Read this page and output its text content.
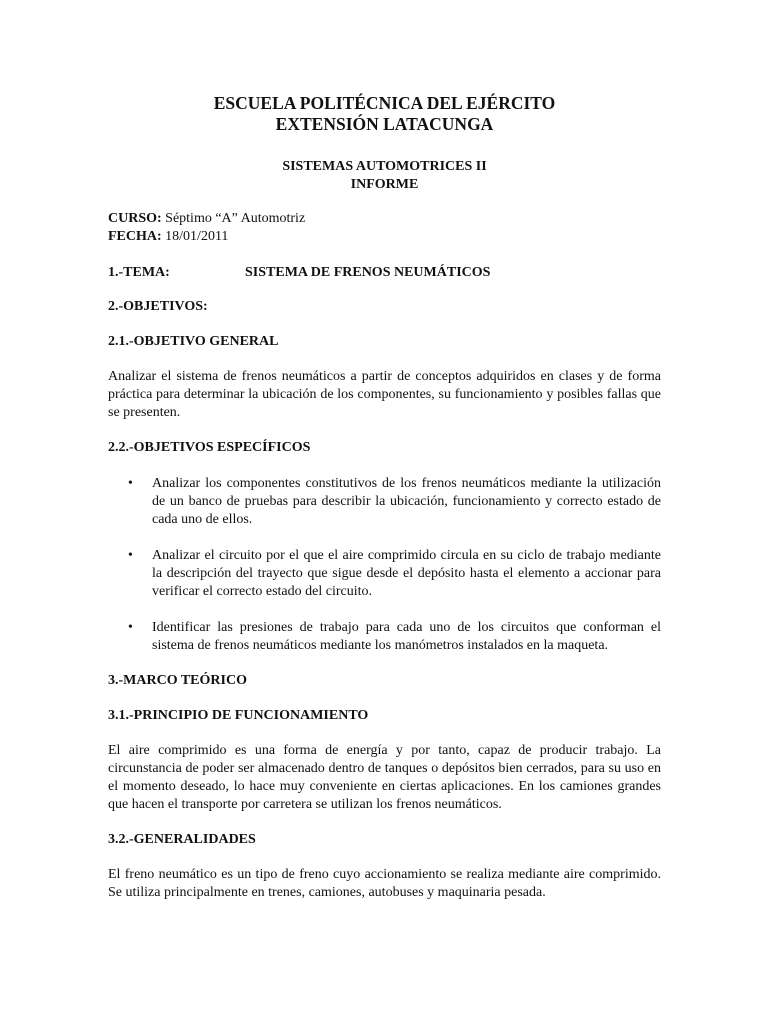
ESCUELA POLITÉCNICA DEL EJÉRCITO

EXTENSIÓN LATACUNGA

SISTEMAS AUTOMOTRICES II

INFORME

CURSO: Séptimo “A” Automotriz

FECHA: 18/01/2011

1.-TEMA:	SISTEMA DE FRENOS NEUMÁTICOS

2.-OBJETIVOS:

2.1.-OBJETIVO GENERAL

Analizar el sistema de frenos neumáticos a partir de conceptos adquiridos en clases y de forma práctica para determinar la ubicación de los componentes, su funcionamiento y posibles fallas que se presenten.

2.2.-OBJETIVOS ESPECÍFICOS

• Analizar los componentes constitutivos de los frenos neumáticos mediante la utilización de un banco de pruebas para describir la ubicación, funcionamiento y correcto estado de cada uno de ellos.
• Analizar el circuito por el que el aire comprimido circula en su ciclo de trabajo mediante la descripción del trayecto que sigue desde el depósito hasta el elemento a accionar para verificar el correcto estado del circuito.
• Identificar las presiones de trabajo para cada uno de los circuitos que conforman el sistema de frenos neumáticos mediante los manómetros instalados en la maqueta.

3.-MARCO TEÓRICO

3.1.-PRINCIPIO DE FUNCIONAMIENTO

El aire comprimido es una forma de energía y por tanto, capaz de producir trabajo. La circunstancia de poder ser almacenado dentro de tanques o depósitos bien cerrados, para su uso en el momento deseado, lo hace muy conveniente en ciertas aplicaciones. En los camiones grandes que hacen el transporte por carretera se utilizan los frenos neumáticos.

3.2.-GENERALIDADES

El freno neumático es un tipo de freno cuyo accionamiento se realiza mediante aire comprimido. Se utiliza principalmente en trenes, camiones, autobuses y maquinaria pesada.
